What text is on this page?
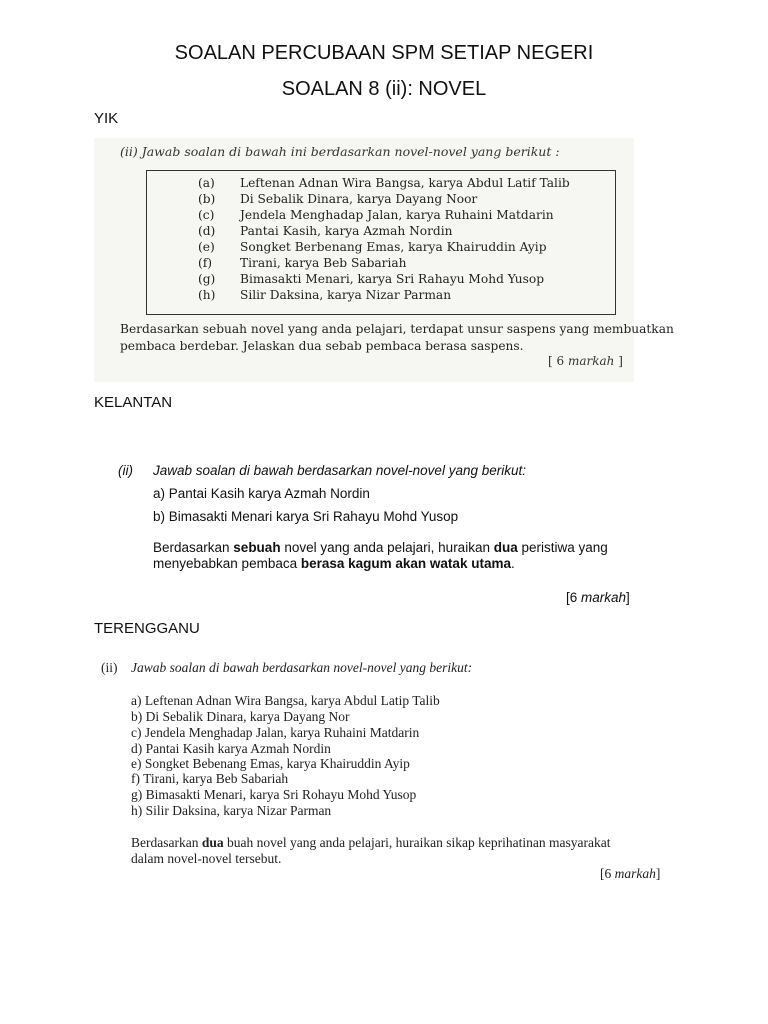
SOALAN PERCUBAAN SPM SETIAP NEGERI
SOALAN 8 (ii): NOVEL
YIK
(ii) Jawab soalan di bawah ini berdasarkan novel-novel yang berikut :
(a) Leftenan Adnan Wira Bangsa, karya Abdul Latif Talib
(b) Di Sebalik Dinara, karya Dayang Noor
(c) Jendela Menghadap Jalan, karya Ruhaini Matdarin
(d) Pantai Kasih, karya Azmah Nordin
(e) Songket Berbenang Emas, karya Khairuddin Ayip
(f) Tirani, karya Beb Sabariah
(g) Bimasakti Menari, karya Sri Rahayu Mohd Yusop
(h) Silir Daksina, karya Nizar Parman
Berdasarkan sebuah novel yang anda pelajari, terdapat unsur saspens yang membuatkan
pembaca berdebar. Jelaskan dua sebab pembaca berasa saspens.
[ 6 markah ]
KELANTAN
(ii) Jawab soalan di bawah berdasarkan novel-novel yang berikut:
a) Pantai Kasih karya Azmah Nordin
b) Bimasakti Menari karya Sri Rahayu Mohd Yusop
Berdasarkan sebuah novel yang anda pelajari, huraikan dua peristiwa yang
menyebabkan pembaca berasa kagum akan watak utama.
[6 markah]
TERENGGANU
(ii) Jawab soalan di bawah berdasarkan novel-novel yang berikut:
a) Leftenan Adnan Wira Bangsa, karya Abdul Latip Talib
b) Di Sebalik Dinara, karya Dayang Nor
c) Jendela Menghadap Jalan, karya Ruhaini Matdarin
d) Pantai Kasih karya Azmah Nordin
e) Songket Bebenang Emas, karya Khairuddin Ayip
f) Tirani, karya Beb Sabariah
g) Bimasakti Menari, karya Sri Rohayu Mohd Yusop
h) Silir Daksina, karya Nizar Parman
Berdasarkan dua buah novel yang anda pelajari, huraikan sikap keprihatinan masyarakat
dalam novel-novel tersebut.
[6 markah]
